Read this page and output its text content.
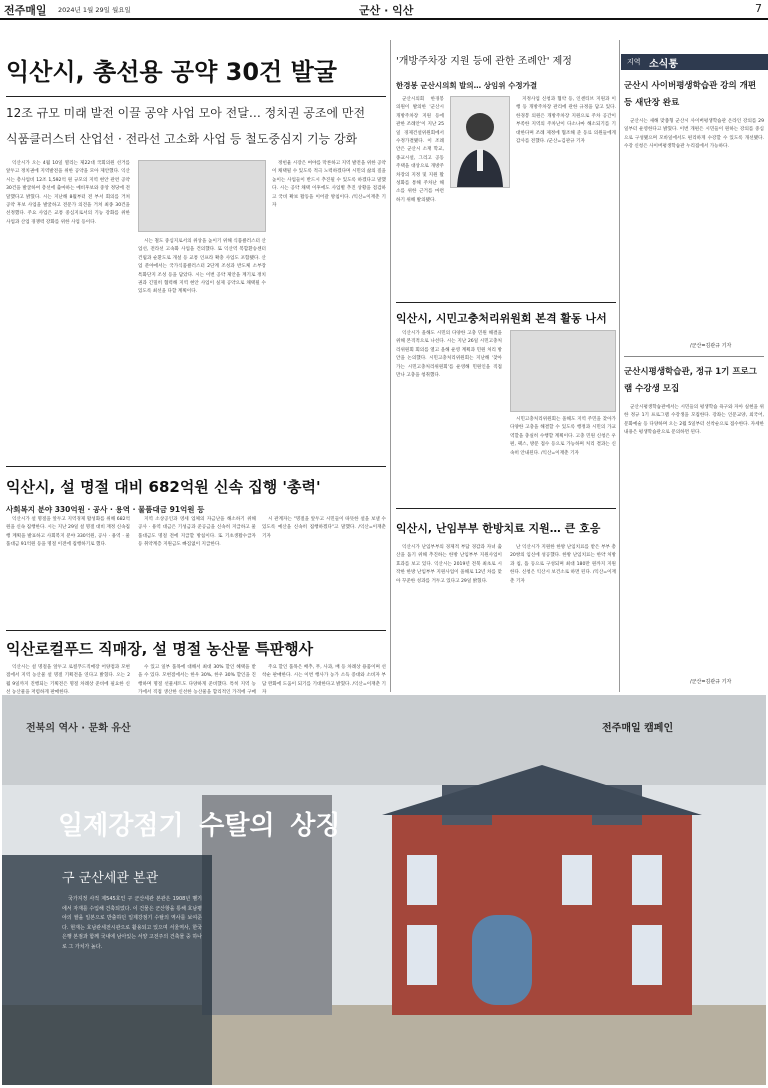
전주매일 2024년 1월 29일 월요일	군산 · 익산	7
익산시, 총선용 공약 30건 발굴
12조 규모 미래 발전 이끌 공약 사업 모아 전달… 정치권 공조에 만전
식품클러스터 산업선 · 전라선 고소화 사업 등 철도중심지 기능 강화

익산시가 오는 4월 10일 열리는 제22대 국회의원 선거를 앞두고 정치권에 지역발전을 위한 공약을 모아 제안했다. 익산시는 총사업비 12조 1,592억 원 규모의 지역 현안 관련 공약 30건을 발굴하여 총선에 출마하는 예비후보와 중앙 정당에 전달했다고 밝혔다. 시는 지난해 8월부터 전 부서 회의를 거쳐 공약 후보 사업을 발굴하고 전문가 의견을 거쳐 최종 30건을 선정했다. 주요 사업은 교통 중심지로서의 기능 강화를 위한 사업과 산업 경쟁력 강화를 위한 사업 등이다.

시는 철도 중심지로서의 위상을 높이기 위해 식품클러스터 산업선, 전라선 고속화 사업을 건의했다. 또 익산역 복합환승센터 건립과 순환도로 개설 등 교통 인프라 확충 사업도 포함됐다. 산업 분야에서는 국가식품클러스터 2단계 조성과 반도체 소부장 특화단지 조성 등을 담았다. 시는 이번 공약 제안을 계기로 정치권과 긴밀히 협력해 지역 현안 사업이 실제 공약으로 채택될 수 있도록 최선을 다할 계획이다.

정헌율 시장은 여야를 막론하고 지역 발전을 위한 공약이 채택될 수 있도록 적극 노력하겠다며 시민의 삶의 질을 높이는 사업들이 반드시 추진될 수 있도록 하겠다고 말했다. 시는 공약 채택 이후에도 사업별 추진 상황을 점검하고 국비 확보 활동을 이어갈 방침이다. /익산=이재춘 기자

익산시, 설 명절 대비 682억원 신속 집행 '총력'
사회복지 분야 330억원 · 공사 · 용역 · 물품대금 91억원 등

익산시가 설 명절을 앞두고 지역경제 활성화를 위해 682억원을 신속 집행한다. 시는 지난 29일 설 명절 대비 재정 신속집행 계획을 발표하고 사회복지 분야 330억원, 공사 · 용역 · 물품대금 91억원 등을 명절 이전에 집행하기로 했다.

지역 소상공인과 영세 업체의 자금난을 해소하기 위해 공사 · 용역 대금은 기성금과 준공금을 신속히 지급하고 물품대금도 명절 전에 지급할 방침이다. 또 기초생활수급자 등 취약계층 지원금도 빠짐없이 지급한다.

시 관계자는 "명절을 앞두고 시민들이 따뜻한 설을 보낼 수 있도록 예산을 신속히 집행하겠다"고 말했다. /익산=이재춘 기자

익산로컬푸드 직매장, 설 명절 농산물 특판행사

익산시는 설 명절을 앞두고 로컬푸드직매장 어양점과 모현점에서 지역 농산물 설 명절 기획전을 연다고 밝혔다. 오는 2월 9일까지 진행되는 기획전은 명절 차례상 준비에 필요한 신선 농산물을 저렴하게 판매한다.

수 있고 일부 품목에 대해서 최대 30% 할인 혜택을 받을 수 있다. 모현점에서는 한우 30%, 한우 30% 할인을 진행하며 명절 선물세트도 다양하게 준비했다. 특히 지역 농가에서 직접 생산한 신선한 농산물을 합리적인 가격에 구매

주요 할인 품목은 배추, 무, 사과, 배 등 차례상 용품이며 선착순 판매한다. 시는 이번 행사가 농가 소득 증대와 소비자 부담 완화에 도움이 되기를 기대한다고 밝혔다. /익산=이재춘 기자

'개방주차장 지원 등에 관한 조례안' 제정
한경봉 군산시의회 발의… 상임위 수정가결

군산시의회 한경봉 의원이 발의한 '군산시 개방주차장 지원 등에 관한 조례안'이 지난 25일 경제건설위원회에서 수정가결됐다. 이 조례안은 군산시 소재 학교, 종교시설, 그리고 공동주택을 대상으로 개방주차장의 지정 및 지원 활성화를 통해 주차난 해소를 위한 근거를 마련하기 위해 발의됐다.

지정사업 신청과 협약 등, 인센티브 지원과 이행 등 개방주차장 관리에 관한 규정을 담고 있다. 한경봉 의원은 개방주차장 지원으로 주차 공간이 부족한 지역의 주차난이 다소나마 해소되기를 기대한다며 조례 제정에 협조해 준 동료 의원들에게 감사를 전했다. /군산=김관규 기자

익산시, 시민고충처리위원회 본격 활동 나서

익산시가 올해도 시민의 다양한 고충 민원 해결을 위해 본격적으로 나선다. 시는 지난 26일 시민고충처리위원회 회의를 열고 올해 운영 계획과 민원 처리 방안을 논의했다. 시민고충처리위원회는 지난해 '찾아가는 시민고충처리위원회'를 운영해 민원인을 직접 만나 고충을 청취했다.

시민고충처리위원회는 올해도 지역 주민을 찾아가 다양한 고충을 해결할 수 있도록 행정과 시민의 가교역할을 충실히 수행할 계획이다. 고충 민원 신청은 우편, 팩스, 방문 접수 등으로 가능하며 처리 결과는 신속히 안내된다. /익산=이재춘 기자

익산시, 난임부부 한방치료 지원… 큰 호응

익산시가 난임부부의 경제적 부담 경감과 자녀 출산을 돕기 위해 추진하는 한방 난임부부 지원사업이 효과를 보고 있다. 익산시는 2019년 전북 최초로 시작한 한방 난임부부 지원사업이 올해로 12년 차를 맞아 꾸준한 성과를 거두고 있다고 29일 밝혔다.

난 익산시가 지원한 한방 난임치료를 받은 부부 총 20쌍의 임신에 성공했다. 한방 난임치료는 한약 처방과 침, 뜸 등으로 구성되며 최대 180만 원까지 지원한다. 신청은 익산시 보건소로 하면 된다. /익산=이재춘 기자

지역 소식통
군산시 사이버평생학습관 강의 개편 등 새단장 완료

군산시는 새해 맞춤형 군산시 사이버평생학습관 온라인 강의를 29일부터 운영한다고 밝혔다. 이번 개편은 시민들이 원하는 강의를 중심으로 구성됐으며 모바일에서도 편리하게 수강할 수 있도록 개선됐다. 수강 신청은 사이버평생학습관 누리집에서 가능하다.

/군산=김관규 기자
군산시평생학습관, 정규 1기 프로그램 수강생 모집

군산시평생학습관에서는 시민들의 평생학습 욕구와 자아 실현을 위한 정규 1기 프로그램 수강생을 모집한다. 강좌는 인문교양, 외국어, 문화예술 등 다양하며 오는 2월 5일부터 선착순으로 접수한다. 자세한 내용은 평생학습관으로 문의하면 된다.

/군산=김관규 기자
전북의 역사 · 문화 유산	전주매일 캠페인
일제강점기 수탈의 상징
구 군산세관 본관

국가지정 사적 제545호인 구 군산세관 본관은 1908년 벨기에서 자재를 수입해 건축되었다. 이 건물은 군산항을 통해 호남평야의 쌀을 일본으로 반출하던 일제강점기 수탈의 역사를 보여준다. 현재는 호남관세전시관으로 활용되고 있으며 서울역사, 한국은행 본점과 함께 국내에 남아있는 서양 고전주의 건축물 중 하나로 그 가치가 높다.
